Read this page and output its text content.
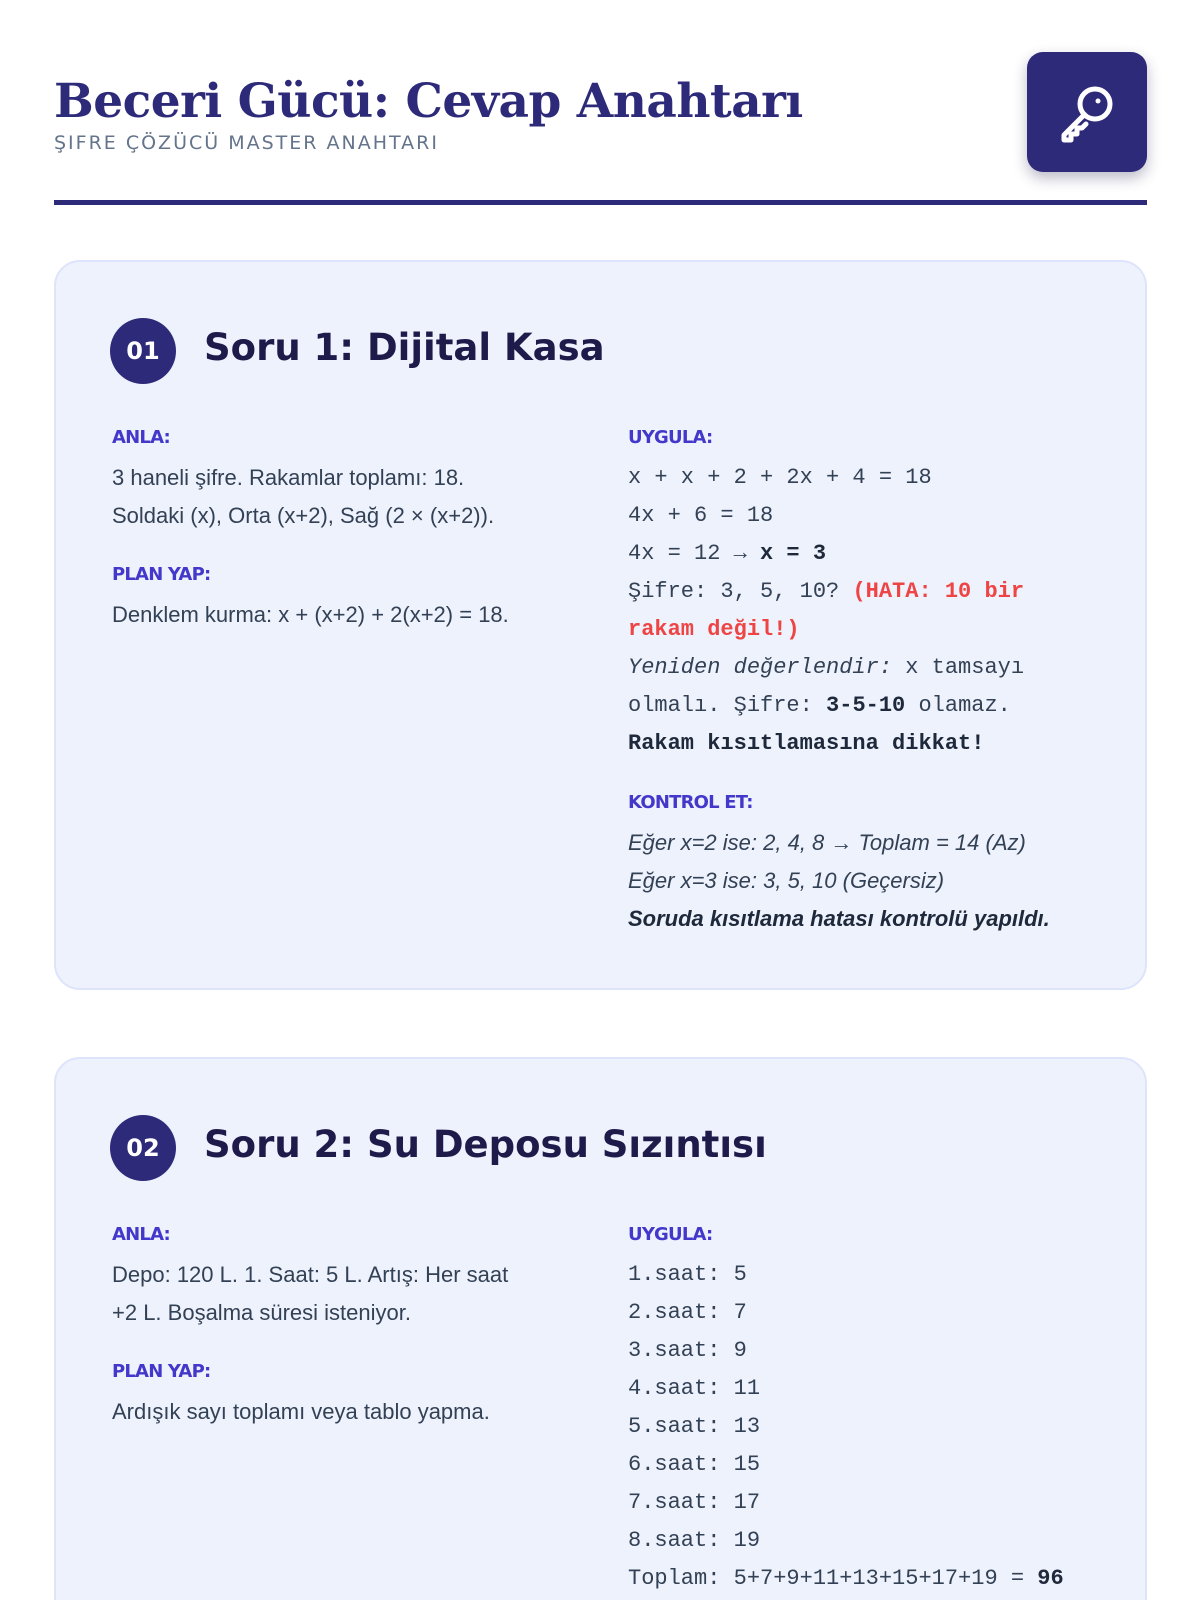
Beceri Gücü: Cevap Anahtarı
ŞIFRE ÇÖZÜCÜ MASTER ANAHTARI
01	Soru 1: Dijital Kasa
ANLA:
3 haneli şifre. Rakamlar toplamı: 18.
Soldaki (x), Orta (x+2), Sağ (2 × (x+2)).
PLAN YAP:
Denklem kurma: x + (x+2) + 2(x+2) = 18.
UYGULA:
x + x + 2 + 2x + 4 = 18
4x + 6 = 18
4x = 12 → x = 3
Şifre: 3, 5, 10? (HATA: 10 bir
rakam değil!)
Yeniden değerlendir: x tamsayı
olmalı. Şifre: 3-5-10 olamaz.
Rakam kısıtlamasına dikkat!
KONTROL ET:
Eğer x=2 ise: 2, 4, 8 → Toplam = 14 (Az)
Eğer x=3 ise: 3, 5, 10 (Geçersiz)
Soruda kısıtlama hatası kontrolü yapıldı.
02	Soru 2: Su Deposu Sızıntısı
ANLA:
Depo: 120 L. 1. Saat: 5 L. Artış: Her saat
+2 L. Boşalma süresi isteniyor.
PLAN YAP:
Ardışık sayı toplamı veya tablo yapma.
UYGULA:
1.saat: 5
2.saat: 7
3.saat: 9
4.saat: 11
5.saat: 13
6.saat: 15
7.saat: 17
8.saat: 19
Toplam: 5+7+9+11+13+15+17+19 = 96
